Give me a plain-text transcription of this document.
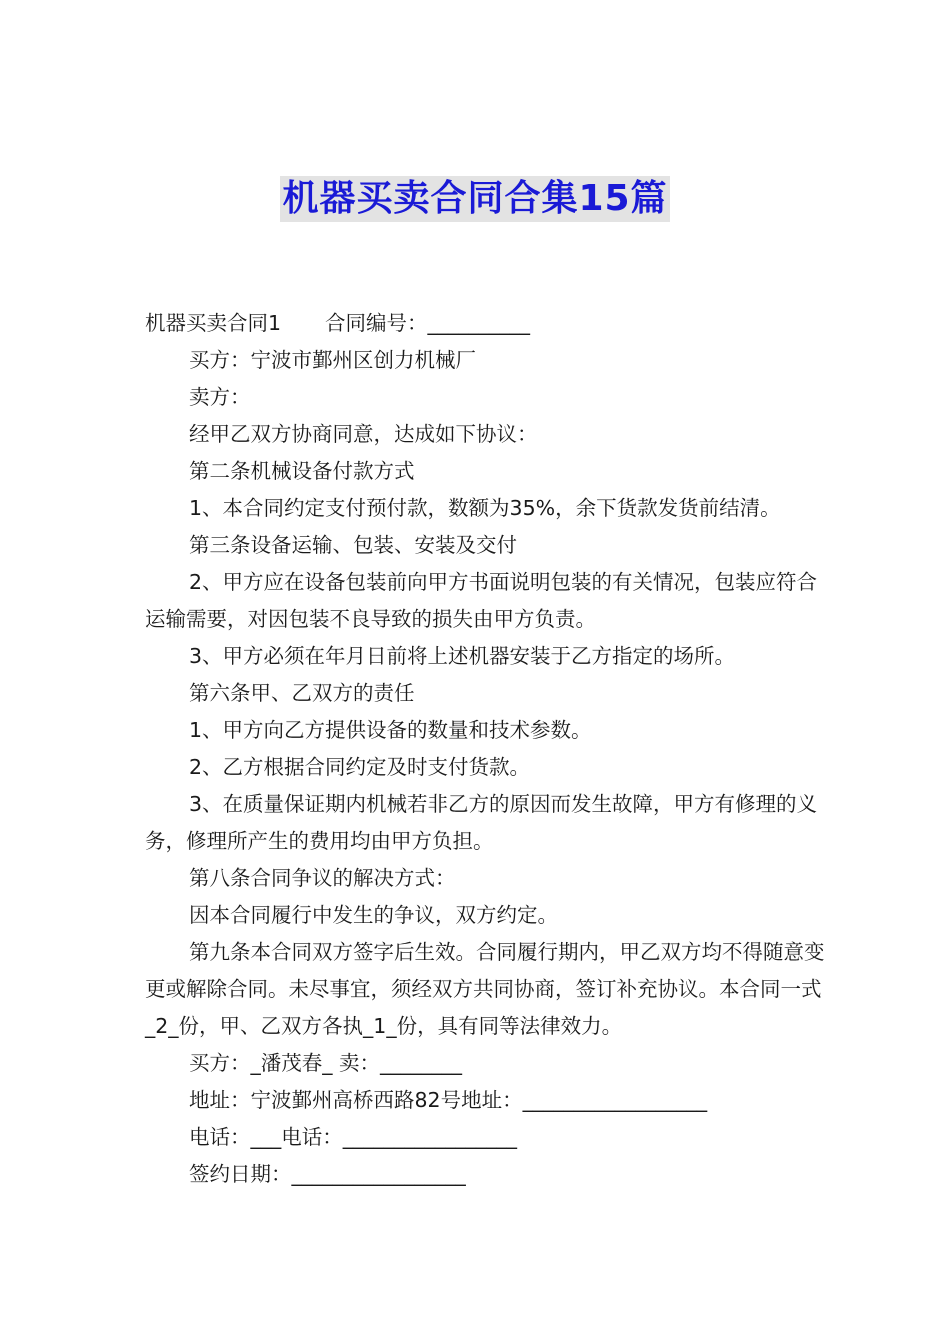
机器买卖合同合集15篇

机器买卖合同1 合同编号：__________

买方：宁波市鄞州区创力机械厂

卖方：

经甲乙双方协商同意，达成如下协议：

第二条机械设备付款方式

1、本合同约定支付预付款，数额为35%，余下货款发货前结清。

第三条设备运输、包装、安装及交付

2、甲方应在设备包装前向甲方书面说明包装的有关情况，包装应符合运输需要，对因包装不良导致的损失由甲方负责。

3、甲方必须在年月日前将上述机器安装于乙方指定的场所。

第六条甲、乙双方的责任

1、甲方向乙方提供设备的数量和技术参数。

2、乙方根据合同约定及时支付货款。

3、在质量保证期内机械若非乙方的原因而发生故障，甲方有修理的义务，修理所产生的费用均由甲方负担。

第八条合同争议的解决方式：

因本合同履行中发生的争议，双方约定。

第九条本合同双方签字后生效。合同履行期内，甲乙双方均不得随意变更或解除合同。未尽事宜，须经双方共同协商，签订补充协议。本合同一式_2_份，甲、乙双方各执_1_份，具有同等法律效力。

买方：_潘茂春_ 卖：________

地址：宁波鄞州高桥西路82号地址：__________________

电话：___电话：_________________

签约日期：_________________
